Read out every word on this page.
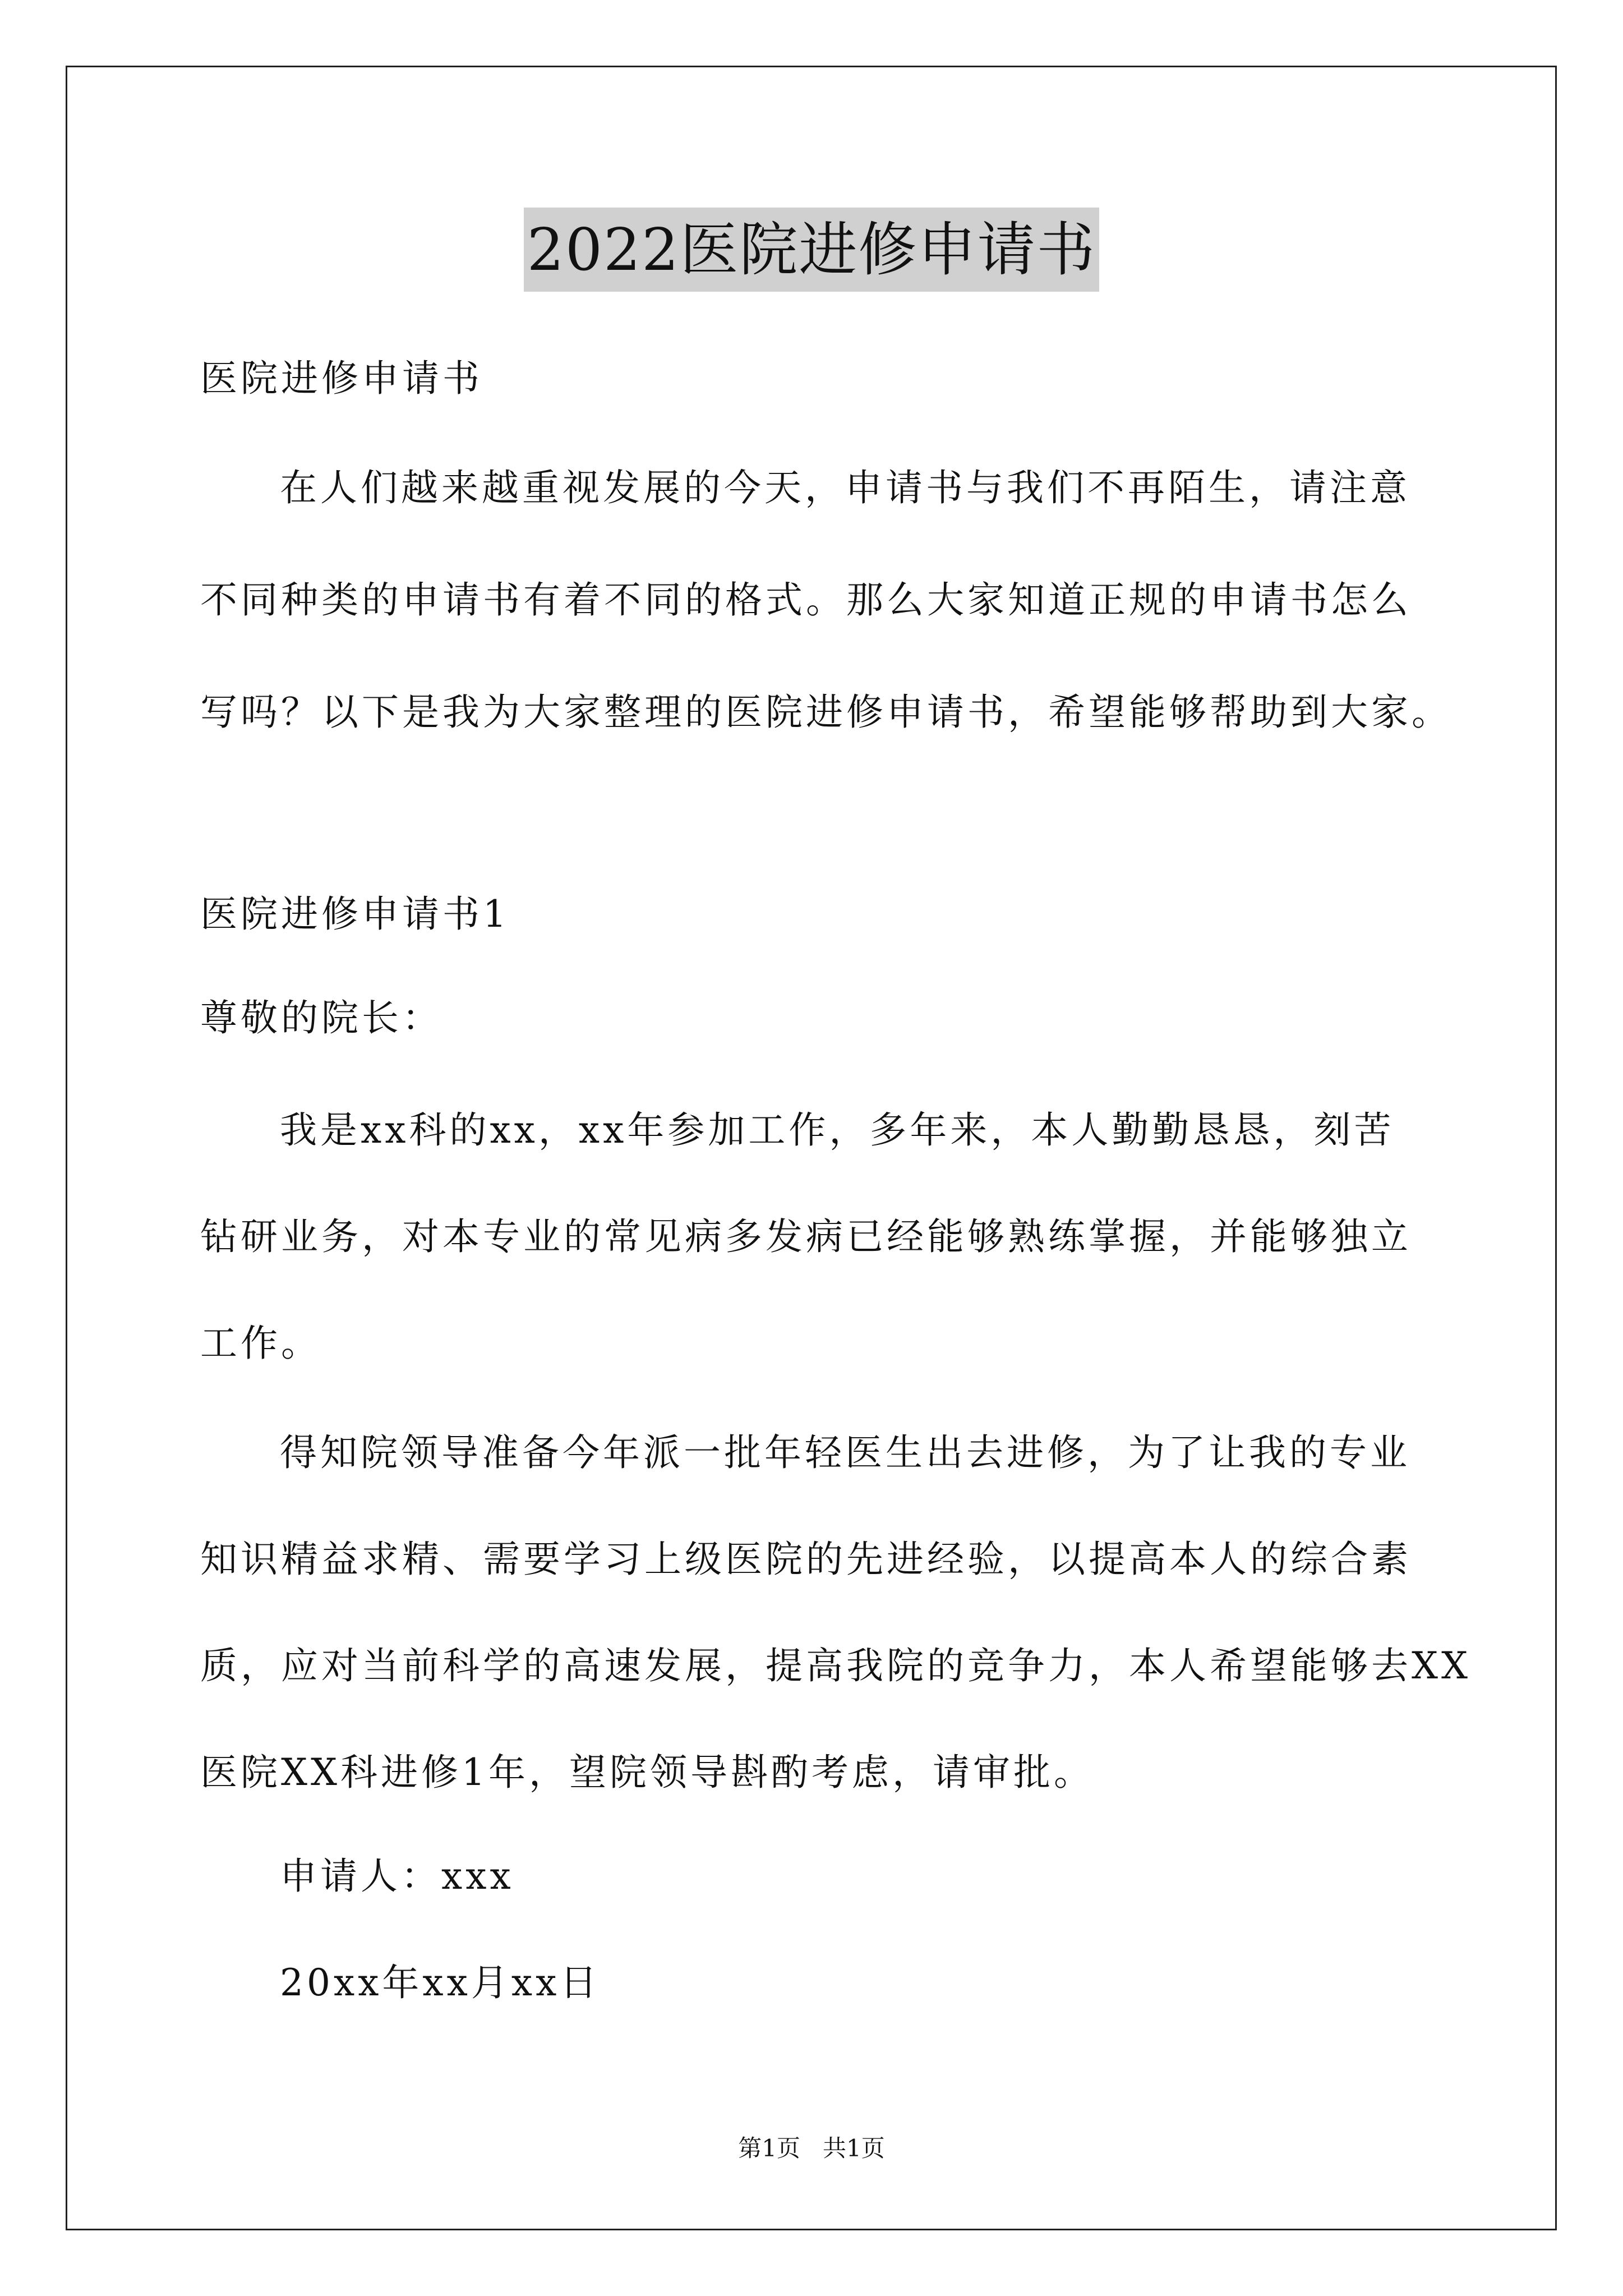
2022医院进修申请书
医院进修申请书
在人们越来越重视发展的今天，申请书与我们不再陌生，请注意
不同种类的申请书有着不同的格式。那么大家知道正规的申请书怎么
写吗？以下是我为大家整理的医院进修申请书，希望能够帮助到大家。
医院进修申请书1
尊敬的院长：
我是xx科的xx，xx年参加工作，多年来，本人勤勤恳恳，刻苦
钻研业务，对本专业的常见病多发病已经能够熟练掌握，并能够独立
工作。
得知院领导准备今年派一批年轻医生出去进修，为了让我的专业
知识精益求精、需要学习上级医院的先进经验，以提高本人的综合素
质，应对当前科学的高速发展，提高我院的竞争力，本人希望能够去XX
医院XX科进修1年，望院领导斟酌考虑，请审批。
申请人：xxx
20xx年xx月xx日
第1页   共1页
